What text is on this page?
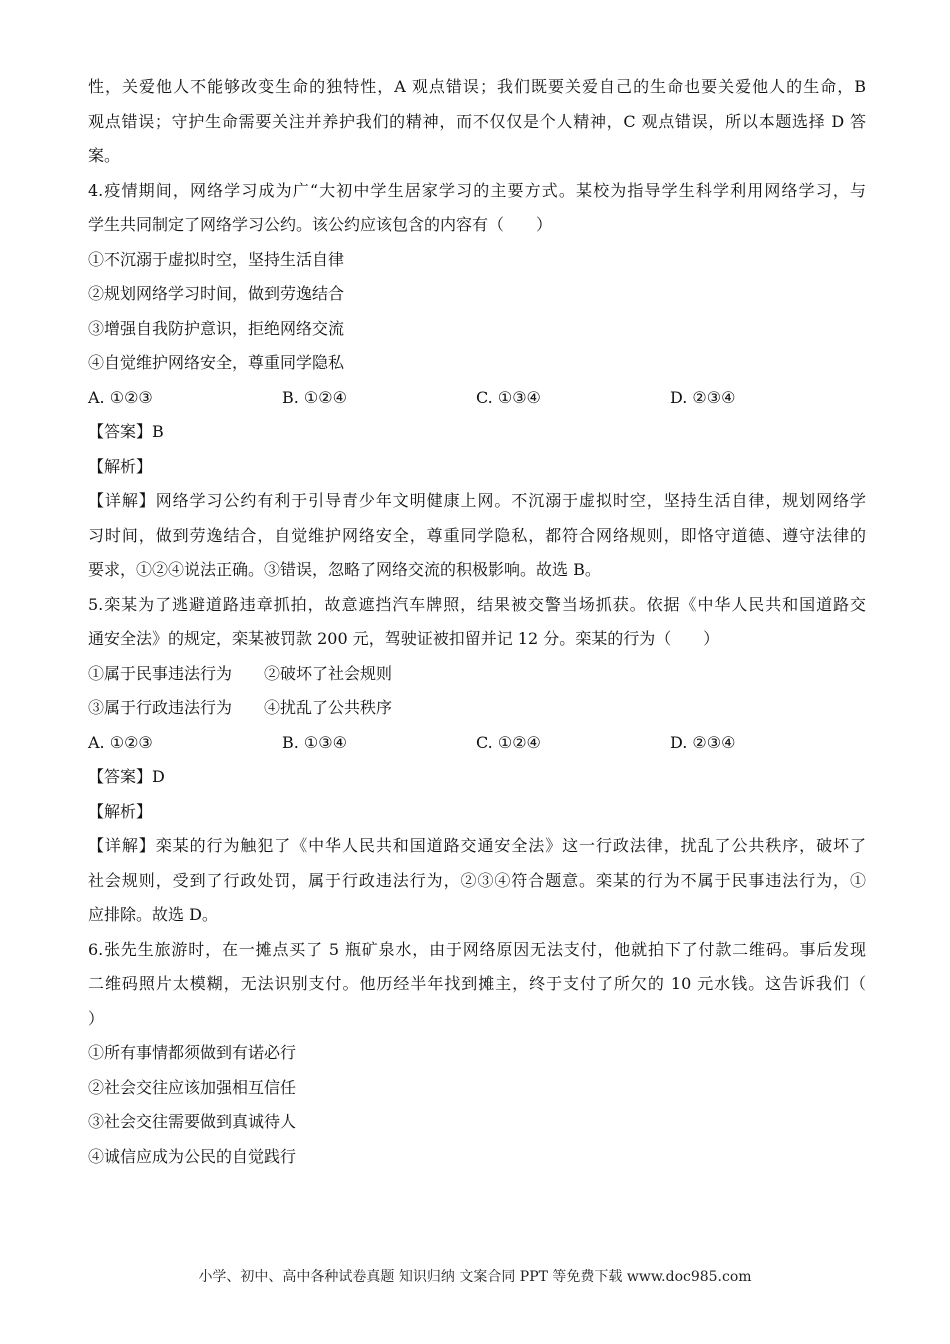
性，关爱他人不能够改变生命的独特性，A 观点错误；我们既要关爱自己的生命也要关爱他人的生命，B
观点错误；守护生命需要关注并养护我们的精神，而不仅仅是个人精神，C 观点错误，所以本题选择 D 答
案。
4.疫情期间，网络学习成为广“大初中学生居家学习的主要方式。某校为指导学生科学利用网络学习，与
学生共同制定了网络学习公约。该公约应该包含的内容有（　　）
①不沉溺于虚拟时空，坚持生活自律
②规划网络学习时间，做到劳逸结合
③增强自我防护意识，拒绝网络交流
④自觉维护网络安全，尊重同学隐私
A. ①②③	B. ①②④	C. ①③④	D. ②③④
【答案】B
【解析】
【详解】网络学习公约有利于引导青少年文明健康上网。不沉溺于虚拟时空，坚持生活自律，规划网络学
习时间，做到劳逸结合，自觉维护网络安全，尊重同学隐私，都符合网络规则，即恪守道德、遵守法律的
要求，①②④说法正确。③错误，忽略了网络交流的积极影响。故选 B。
5.栾某为了逃避道路违章抓拍，故意遮挡汽车牌照，结果被交警当场抓获。依据《中华人民共和国道路交
通安全法》的规定，栾某被罚款 200 元，驾驶证被扣留并记 12 分。栾某的行为（　　）
①属于民事违法行为　　②破坏了社会规则
③属于行政违法行为　　④扰乱了公共秩序
A. ①②③	B. ①③④	C. ①②④	D. ②③④
【答案】D
【解析】
【详解】栾某的行为触犯了《中华人民共和国道路交通安全法》这一行政法律，扰乱了公共秩序，破坏了
社会规则，受到了行政处罚，属于行政违法行为，②③④符合题意。栾某的行为不属于民事违法行为，①
应排除。故选 D。
6.张先生旅游时，在一摊点买了 5 瓶矿泉水，由于网络原因无法支付，他就拍下了付款二维码。事后发现
二维码照片太模糊，无法识别支付。他历经半年找到摊主，终于支付了所欠的 10 元水钱。这告诉我们（
）
①所有事情都须做到有诺必行
②社会交往应该加强相互信任
③社会交往需要做到真诚待人
④诚信应成为公民的自觉践行
小学、初中、高中各种试卷真题 知识归纳 文案合同 PPT 等免费下载 www.doc985.com
